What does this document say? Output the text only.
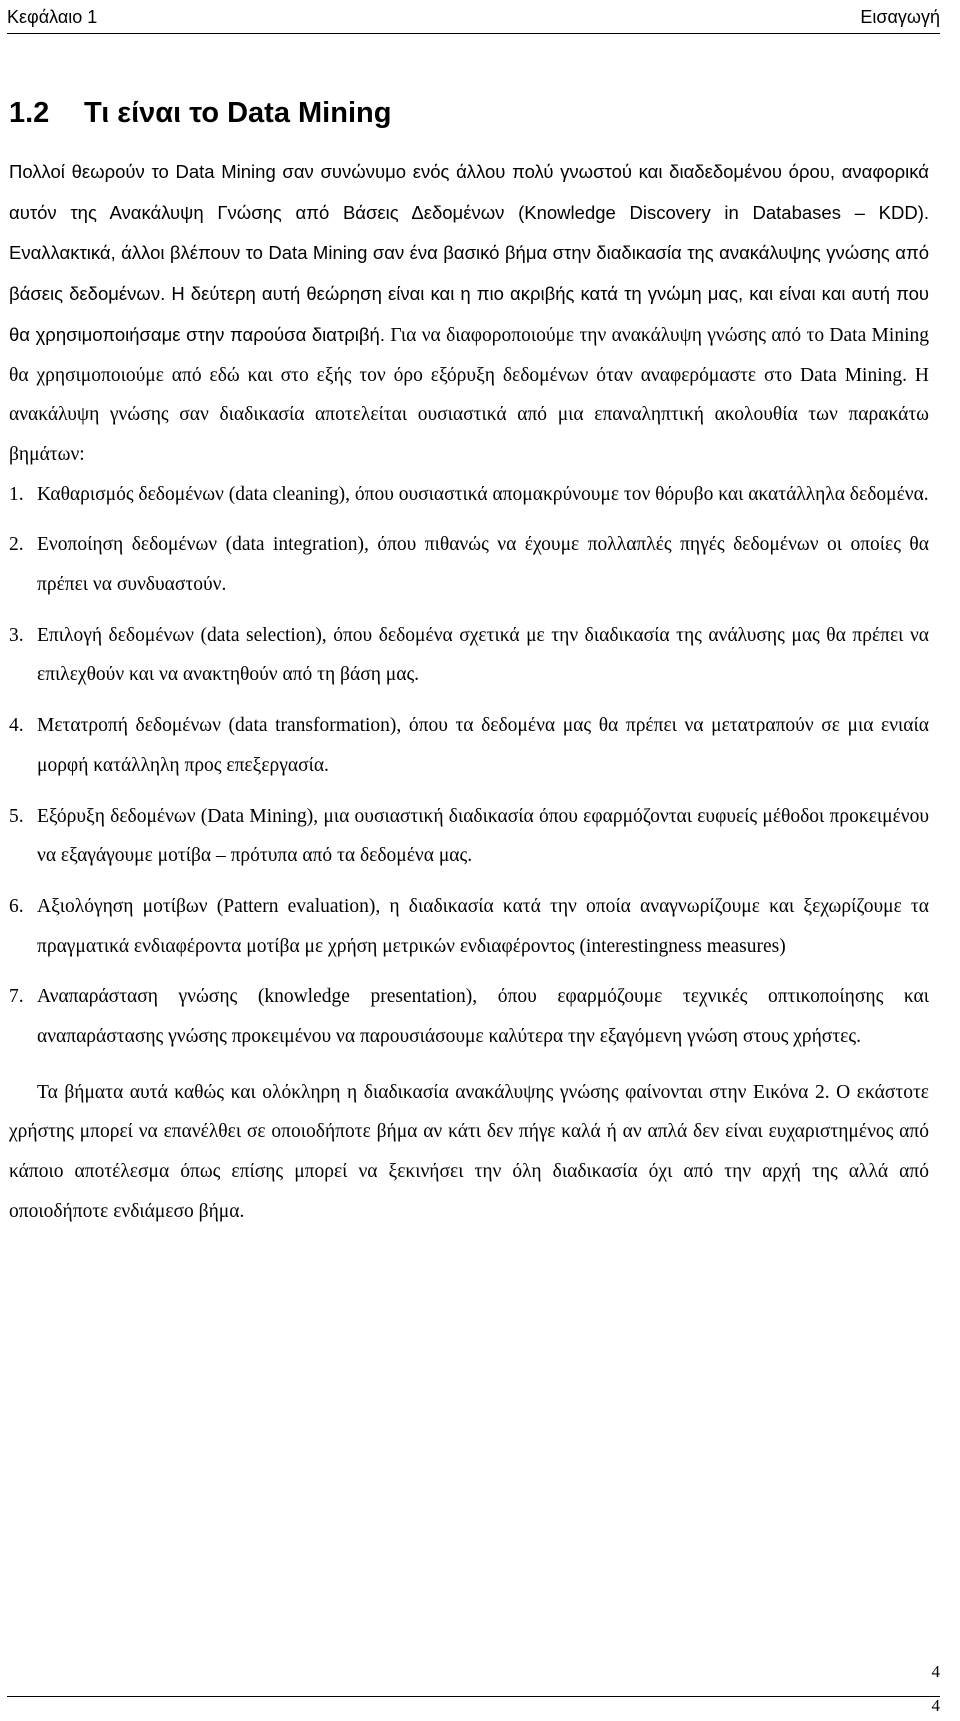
Κεφάλαιο 1	Εισαγωγή
1.2 Τι είναι το Data Mining

Πολλοί θεωρούν το Data Mining σαν συνώνυμο ενός άλλου πολύ γνωστού και διαδεδομένου όρου, αναφορικά αυτόν της Ανακάλυψη Γνώσης από Βάσεις Δεδομένων (Knowledge Discovery in Databases – KDD). Εναλλακτικά, άλλοι βλέπουν το Data Mining σαν ένα βασικό βήμα στην διαδικασία της ανακάλυψης γνώσης από βάσεις δεδομένων. Η δεύτερη αυτή θεώρηση είναι και η πιο ακριβής κατά τη γνώμη μας, και είναι και αυτή που θα χρησιμοποιήσαμε στην παρούσα διατριβή. Για να διαφοροποιούμε την ανακάλυψη γνώσης από το Data Mining θα χρησιμοποιούμε από εδώ και στο εξής τον όρο εξόρυξη δεδομένων όταν αναφερόμαστε στο Data Mining. Η ανακάλυψη γνώσης σαν διαδικασία αποτελείται ουσιαστικά από μια επαναληπτική ακολουθία των παρακάτω βημάτων:

1. Καθαρισμός δεδομένων (data cleaning), όπου ουσιαστικά απομακρύνουμε τον θόρυβο και ακατάλληλα δεδομένα.
2. Ενοποίηση δεδομένων (data integration), όπου πιθανώς να έχουμε πολλαπλές πηγές δεδομένων οι οποίες θα πρέπει να συνδυαστούν.
3. Επιλογή δεδομένων (data selection), όπου δεδομένα σχετικά με την διαδικασία της ανάλυσης μας θα πρέπει να επιλεχθούν και να ανακτηθούν από τη βάση μας.
4. Μετατροπή δεδομένων (data transformation), όπου τα δεδομένα μας θα πρέπει να μετατραπούν σε μια ενιαία μορφή κατάλληλη προς επεξεργασία.
5. Εξόρυξη δεδομένων (Data Mining), μια ουσιαστική διαδικασία όπου εφαρμόζονται ευφυείς μέθοδοι προκειμένου να εξαγάγουμε μοτίβα – πρότυπα από τα δεδομένα μας.
6. Αξιολόγηση μοτίβων (Pattern evaluation), η διαδικασία κατά την οποία αναγνωρίζουμε και ξεχωρίζουμε τα πραγματικά ενδιαφέροντα μοτίβα με χρήση μετρικών ενδιαφέροντος (interestingness measures)
7. Αναπαράσταση γνώσης (knowledge presentation), όπου εφαρμόζουμε τεχνικές οπτικοποίησης και αναπαράστασης γνώσης προκειμένου να παρουσιάσουμε καλύτερα την εξαγόμενη γνώση στους χρήστες.

Τα βήματα αυτά καθώς και ολόκληρη η διαδικασία ανακάλυψης γνώσης φαίνονται στην Εικόνα 2. Ο εκάστοτε χρήστης μπορεί να επανέλθει σε οποιοδήποτε βήμα αν κάτι δεν πήγε καλά ή αν απλά δεν είναι ευχαριστημένος από κάποιο αποτέλεσμα όπως επίσης μπορεί να ξεκινήσει την όλη διαδικασία όχι από την αρχή της αλλά από οποιοδήποτε ενδιάμεσο βήμα.

4
4
